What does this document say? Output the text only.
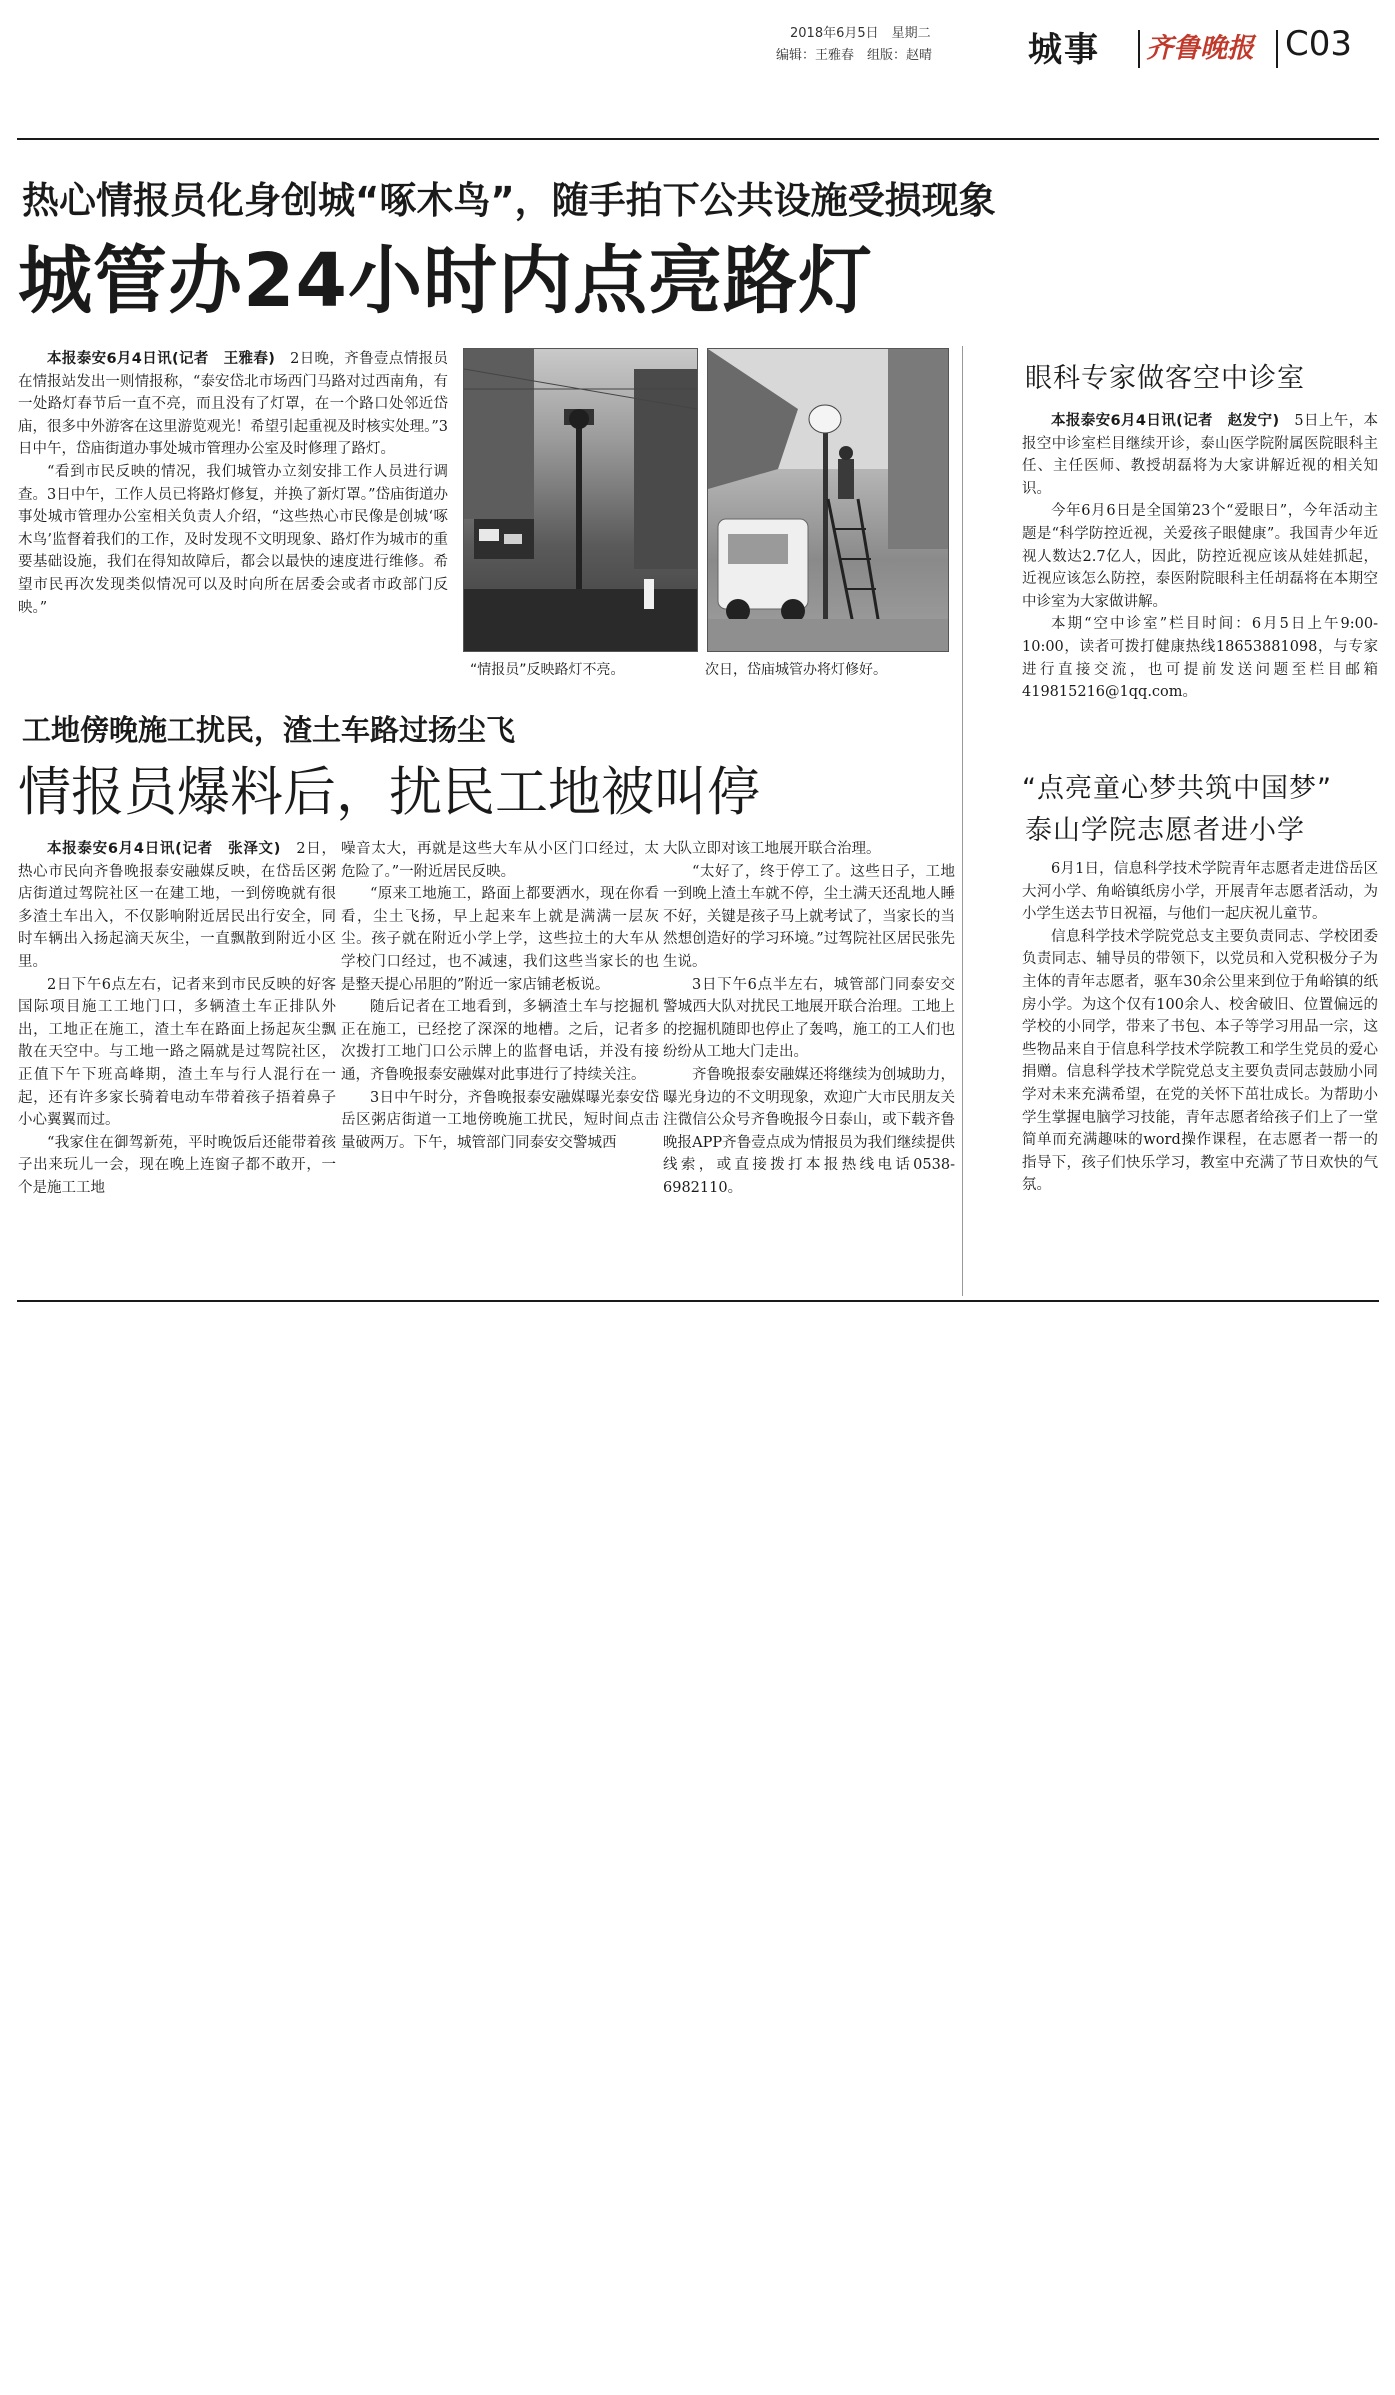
2018年6月5日　星期二
编辑：王雅春　组版：赵晴	城事 齐鲁晚报 C03
热心情报员化身创城“啄木鸟”，随手拍下公共设施受损现象
城管办24小时内点亮路灯

本报泰安6月4日讯(记者　王雅春)　 2日晚，齐鲁壹点情报员在情报站发出一则情报称，“泰安岱北市场西门马路对过西南角，有一处路灯春节后一直不亮，而且没有了灯罩，在一个路口处邻近岱庙，很多中外游客在这里游览观光！希望引起重视及时核实处理。”3日中午，岱庙街道办事处城市管理办公室及时修理了路灯。

“看到市民反映的情况，我们城管办立刻安排工作人员进行调查。3日中午，工作人员已将路灯修复，并换了新灯罩。”岱庙街道办事处城市管理办公室相关负责人介绍，“这些热心市民像是创城‘啄木鸟’监督着我们的工作，及时发现不文明现象、路灯作为城市的重要基础设施，我们在得知故障后，都会以最快的速度进行维修。希望市民再次发现类似情况可以及时向所在居委会或者市政部门反映。”

“情报员”反映路灯不亮。	次日，岱庙城管办将灯修好。
工地傍晚施工扰民，渣土车路过扬尘飞
情报员爆料后，扰民工地被叫停

本报泰安6月4日讯(记者　张泽文)　 2日，热心市民向齐鲁晚报泰安融媒反映，在岱岳区粥店街道过驾院社区一在建工地，一到傍晚就有很多渣土车出入，不仅影响附近居民出行安全，同时车辆出入扬起滴天灰尘，一直飘散到附近小区里。

2日下午6点左右，记者来到市民反映的好客国际项目施工工地门口，多辆渣土车正排队外出，工地正在施工，渣土车在路面上扬起灰尘飘散在天空中。与工地一路之隔就是过驾院社区，正值下午下班高峰期，渣土车与行人混行在一起，还有许多家长骑着电动车带着孩子捂着鼻子小心翼翼而过。

“我家住在御驾新苑，平时晚饭后还能带着孩子出来玩儿一会，现在晚上连窗子都不敢开，一个是施工工地

噪音太大，再就是这些大车从小区门口经过，太危险了。”一附近居民反映。

“原来工地施工，路面上都要洒水，现在你看看，尘土飞扬，早上起来车上就是满满一层灰尘。孩子就在附近小学上学，这些拉土的大车从学校门口经过，也不减速，我们这些当家长的也是整天提心吊胆的”附近一家店铺老板说。

随后记者在工地看到，多辆渣土车与挖掘机正在施工，已经挖了深深的地槽。之后，记者多次拨打工地门口公示牌上的监督电话，并没有接通，齐鲁晚报泰安融媒对此事进行了持续关注。

3日中午时分，齐鲁晚报泰安融媒曝光泰安岱岳区粥店街道一工地傍晚施工扰民，短时间点击量破两万。下午，城管部门同泰安交警城西

大队立即对该工地展开联合治理。

“太好了，终于停工了。这些日子，工地一到晚上渣土车就不停，尘土满天还乱地人睡不好，关键是孩子马上就考试了，当家长的当然想创造好的学习环境。”过驾院社区居民张先生说。

3日下午6点半左右，城管部门同泰安交警城西大队对扰民工地展开联合治理。工地上的挖掘机随即也停止了轰鸣，施工的工人们也纷纷从工地大门走出。

齐鲁晚报泰安融媒还将继续为创城助力，曝光身边的不文明现象，欢迎广大市民朋友关注微信公众号齐鲁晚报今日泰山，或下载齐鲁晚报APP齐鲁壹点成为情报员为我们继续提供线索，或直接拨打本报热线电话0538-6982110。

眼科专家做客空中诊室

本报泰安6月4日讯(记者　赵发宁)　 5日上午，本报空中诊室栏目继续开诊，泰山医学院附属医院眼科主任、主任医师、教授胡磊将为大家讲解近视的相关知识。

今年6月6日是全国第23个“爱眼日”，今年活动主题是“科学防控近视，关爱孩子眼健康”。我国青少年近视人数达2.7亿人，因此，防控近视应该从娃娃抓起，近视应该怎么防控，泰医附院眼科主任胡磊将在本期空中诊室为大家做讲解。

本期“空中诊室”栏目时间：6月5日上午9:00-10:00，读者可拨打健康热线18653881098，与专家进行直接交流，也可提前发送问题至栏目邮箱419815216@1qq.com。

“点亮童心梦共筑中国梦”
泰山学院志愿者进小学

6月1日，信息科学技术学院青年志愿者走进岱岳区大河小学、角峪镇纸房小学，开展青年志愿者活动，为小学生送去节日祝福，与他们一起庆祝儿童节。

信息科学技术学院党总支主要负责同志、学校团委负责同志、辅导员的带领下，以党员和入党积极分子为主体的青年志愿者，驱车30余公里来到位于角峪镇的纸房小学。为这个仅有100余人、校舍破旧、位置偏远的学校的小同学，带来了书包、本子等学习用品一宗，这些物品来自于信息科学技术学院教工和学生党员的爱心捐赠。信息科学技术学院党总支主要负责同志鼓励小同学对未来充满希望，在党的关怀下茁壮成长。为帮助小学生掌握电脑学习技能，青年志愿者给孩子们上了一堂简单而充满趣味的word操作课程，在志愿者一帮一的指导下，孩子们快乐学习，教室中充满了节日欢快的气氛。
